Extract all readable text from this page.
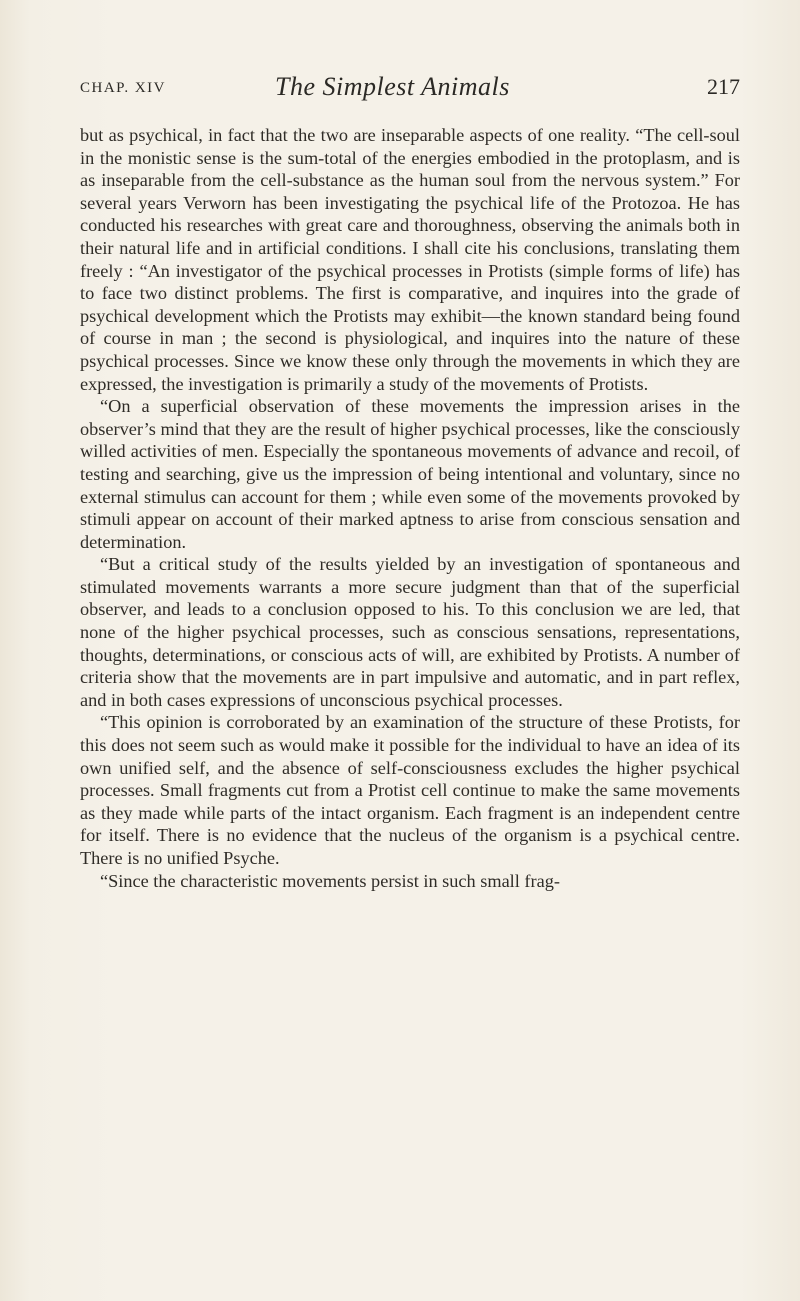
CHAP. XIV	The Simplest Animals	217

but as psychical, in fact that the two are inseparable aspects of one reality. “The cell-soul in the monistic sense is the sum-total of the energies embodied in the protoplasm, and is as inseparable from the cell-substance as the human soul from the nervous system.” For several years Verworn has been investigating the psychical life of the Protozoa. He has conducted his researches with great care and thoroughness, observing the animals both in their natural life and in artificial conditions. I shall cite his conclusions, translating them freely : “An investigator of the psychical processes in Protists (simple forms of life) has to face two distinct problems. The first is comparative, and inquires into the grade of psychical development which the Protists may exhibit—the known standard being found of course in man ; the second is physiological, and inquires into the nature of these psychical processes. Since we know these only through the movements in which they are expressed, the investigation is primarily a study of the movements of Protists.

“On a superficial observation of these movements the impression arises in the observer’s mind that they are the result of higher psychical processes, like the consciously willed activities of men. Especially the spontaneous movements of advance and recoil, of testing and searching, give us the impression of being intentional and voluntary, since no external stimulus can account for them ; while even some of the movements provoked by stimuli appear on account of their marked aptness to arise from conscious sensation and determination.

“But a critical study of the results yielded by an investigation of spontaneous and stimulated movements warrants a more secure judgment than that of the superficial observer, and leads to a conclusion opposed to his. To this conclusion we are led, that none of the higher psychical processes, such as conscious sensations, representations, thoughts, determinations, or conscious acts of will, are exhibited by Protists. A number of criteria show that the movements are in part impulsive and automatic, and in part reflex, and in both cases expressions of unconscious psychical processes.

“This opinion is corroborated by an examination of the structure of these Protists, for this does not seem such as would make it possible for the individual to have an idea of its own unified self, and the absence of self-consciousness excludes the higher psychical processes. Small fragments cut from a Protist cell continue to make the same movements as they made while parts of the intact organism. Each fragment is an independent centre for itself. There is no evidence that the nucleus of the organism is a psychical centre. There is no unified Psyche.

“Since the characteristic movements persist in such small frag-
